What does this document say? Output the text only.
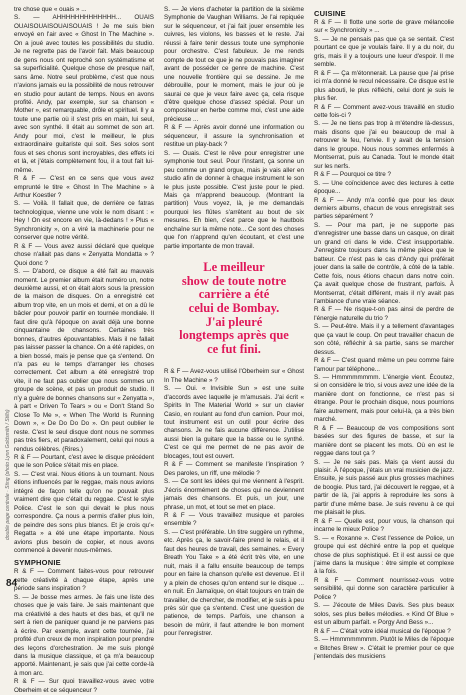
double page centrale · Sting (photo Lynn Goldsmith / Stills)

tre chose que « ouais » ...

S. — AHHHHHHHHHHHHH... OUAIS OUAISOUAISOUAISOUAIS ! Je me suis bien envoyé en l'air avec « Ghost In The Machine ». On a joué avec toutes les possibilités du studio. Je ne regrette pas de l'avoir fait. Mais beaucoup de gens nous ont reproché son systématisme et sa superficialité. Quelque chose de presque naïf, sans âme. Notre seul problème, c'est que nous n'avions jamais eu la possibilité de nous retrouver en studio pour autant de temps. Nous en avons profité. Andy, par exemple, sur sa chanson « Mother », est remarquable, drôle et spirituel. Il y a toute une partie où il s'est pris en main, lui seul, avec son synthé. Il était au sommet de son art. Andy pour moi, c'est le meilleur, le plus extraordinaire guitariste qui soit. Ses solos sont fous et ses chorus sont incroyables, des effets ici et là, et j'étais complètement fou, il a tout fait lui-même.

R & F — C'est en ce sens que vous avez emprunté le titre « Ghost In The Machine » à Arthur Koestler ?

S. — Voilà. Il fallait que, de derrière ce fatras technologique, vienne une voix le nom disant : « Hey ! On est encore en vie, là-dedans ! » Plus « Synchronicity », on a viré la machinerie pour ne conserver que notre vérité.

R & F — Vous avez aussi déclaré que quelque chose n'allait pas dans « Zenyatta Mondatta » ? Quoi donc ?

S. — D'abord, ce disque a été fait au mauvais moment. Le premier album était numéro un, notre deuxième aussi, et on était alors sous la pression de la maison de disques. On a enregistré cet album trop vite, en un mois et demi, et on a dû le bâcler pour pouvoir partir en tournée mondiale. Il faut dire qu'à l'époque on avait déjà une bonne cinquantaine de chansons. Certaines très bonnes, d'autres épouvantables. Mais il ne fallait pas laisser passer la chance. On a été rapides, on a bien bossé, mais je pense que ça s'entend. On n'a pas eu le temps d'arranger les choses correctement. Cet album a été enregistré trop vite, il ne faut pas oublier que nous sommes un groupe de scène, et pas un produit de studio. Il n'y a guère de bonnes chansons sur « Zenyatta », à part « Driven To Tears » ou « Don't Stand So Close To Me », « When The World Is Running Down », « De Do Do Do ». On peut oublier le reste. C'est le seul disque dont nous ne sommes pas très fiers, et paradoxalement, celui qui nous a rendus célèbres. (Rires.)

R & F — Pourtant, c'est avec le disque précédent que le son Police s'était mis en place.

S. — C'est vrai. Nous étions à un tournant. Nous étions influencés par le reggae, mais nous avions intégré de façon telle qu'on ne pouvait plus vraiment dire que c'était du reggae. C'est le style Police. C'est le son qui devait le plus nous correspondre. Ça nous a permis d'aller plus loin, de peindre des sons plus blancs. Et je crois qu'« Regatta » a été une étape importante. Nous avions plus besoin de copier, et nous avons commencé à devenir nous-mêmes.

SYMPHONIE

R & F — Comment faites-vous pour retrouver cette créativité à chaque étape, après une période sans inspiration ?

S. — Je bosse mes armes. Je fais une liste des choses que je vais faire. Je sais maintenant que ma créativité a des hauts et des bas, et qu'il ne sert à rien de paniquer quand je ne parviens pas à écrire. Par exemple, avant cette tournée, j'ai profité d'un creux de mon inspiration pour prendre des leçons d'orchestration. Je me suis plongé dans la musique classique, et ça m'a beaucoup apporté. Maintenant, je sais que j'ai cette corde-là à mon arc.

R & F — Sur quoi travaillez-vous avec votre Oberheim et ce séquenceur ?

S. — Je viens d'acheter la partition de la sixième Symphonie de Vaughan Williams. Je l'ai repiquée sur le séquenceur, et j'ai fait jouer ensemble les cuivres, les violons, les basses et le reste. J'ai réussi à faire tenir dessus toute une symphonie pour orchestre. C'est fabuleux. Je me rends compte de tout ce que je ne pouvais pas imaginer avant de posséder ce genre de machine. C'est une nouvelle frontière qui se dessine. Je me débrouille, pour le moment, mais le jour où je saurai ce que je veux faire avec ça, cela risque d'être quelque chose d'assez spécial. Pour un compositeur en herbe comme moi, c'est une aide précieuse ...

R & F — Après avoir donné une information ou séquenceur, il assure la synchronisation et restitue un play-back ?

S. — Ouais. C'est le rêve pour enregistrer une symphonie tout seul. Pour l'instant, ça sonne un peu comme un grand orgue, mais je vais aller en studio afin de donner à chaque instrument le son le plus juste possible. C'est juste pour le pied. Mais ça m'apprend beaucoup. (Montrant la partition) Vous voyez, là, je me demandais pourquoi les flûtes s'arrêtent au bout de six mesures. Eh bien, c'est parce que le hautbois enchaîne sur la même note... Ce sont des choses que l'on n'apprend qu'en écoutant, et c'est une partie importante de mon travail.

Le meilleur
show de toute notre
carrière a été
celui de Bombay.
J'ai pleuré
longtemps après que
ce fut fini.

R & F — Avez-vous utilisé l'Oberheim sur « Ghost In The Machine » ?

S. — Oui. « Invisible Sun » est une suite d'accords avec laquelle je m'amusais. J'ai écrit « Spirits In The Material World » sur un clavier Casio, en roulant au fond d'un camion. Pour moi, tout instrument est un outil pour écrire des chansons. Je ne fais aucune différence. J'utilise aussi bien la guitare que la basse ou le synthé. C'est ce qui me permet de ne pas avoir de blocages, tout est ouvert.

R & F — Comment se manifeste l'inspiration ? Des paroles, un riff, une mélodie ?

S. — Ce sont les idées qui me viennent à l'esprit. J'écris énormément de choses qui ne deviennent jamais des chansons. Et puis, un jour, une phrase, un mot, et tout se met en place.

R & F — Vous travaillez musique et paroles ensemble ?

S. — C'est préférable. Un titre suggère un rythme, etc. Après ça, le savoir-faire prend le relais, et il faut des heures de travail, des semaines. « Every Breath You Take » a été écrit très vite, en une nuit, mais il a fallu ensuite beaucoup de temps pour en faire la chanson qu'elle est devenue. Et il y a plein de choses qu'on entend sur le disque ... en nuit. En Jamaïque, on était toujours en train de travailler, de chercher, de modifier, et je suis à peu près sûr que ça s'entend. C'est une question de patience, de temps. Parfois, une chanson a besoin de mûrir, il faut attendre le bon moment pour l'enregistrer.

CUISINE

R & F — Il flotte une sorte de grave mélancolie sur « Synchronicity » ...

S. — Je ne pensais pas que ça se sentait. C'est pourtant ce que je voulais faire. Il y a du noir, du gris, mais il y a toujours une lueur d'espoir. Il me semble.

R & F — Ça m'étonnerait. La pause que j'ai prise ici m'a donné le recul nécessaire. Ce disque est le plus abouti, le plus réfléchi, celui dont je suis le plus fier.

R & F — Comment avez-vous travaillé en studio cette fois-ci ?

S. — Je ne tiens pas trop à m'étendre là-dessus, mais disons que j'ai eu beaucoup de mal à retrouver le feu, l'envie. Il y avait de la tension dans le groupe. Nous nous sommes enfermés à Montserrat, puis au Canada. Tout le monde était sur les nerfs.

R & F — Pourquoi ce titre ?

S. — Une coïncidence avec des lectures à cette époque...

R & F — Andy m'a confié que pour les deux derniers albums, chacun de vous enregistrait ses parties séparément ?

S. — Pour ma part, je ne supporte pas d'enregistrer une basse dans un casque, on dirait un grand cri dans le vide. C'est insupportable. J'enregistre toujours dans la même pièce que le batteur. Ce n'est pas le cas d'Andy qui préférait jouer dans la salle de contrôle, à côté de la table. Cette fois, nous étions chacun dans notre coin. Ça avait quelque chose de frustrant, parfois. À Montserrat, c'était différent, mais il n'y avait pas l'ambiance d'une vraie séance.

R & F — Ne risque-t-on pas ainsi de perdre de l'énergie naturelle du trio ?

S. — Peut-être. Mais il y a tellement d'avantages que ça vaut le coup. On peut travailler chacun de son côté, réfléchir à sa partie, sans se marcher dessus.

R & F — C'est quand même un peu comme faire l'amour par téléphone...

S. — Hmmmmmmmm. L'énergie vient. Écoutez, si on considère le trio, si vous avez une idée de la manière dont on fonctionne, ce n'est pas si étrange. Pour le prochain disque, nous pourrions faire autrement, mais pour celui-là, ça a très bien marché.

R & F — Beaucoup de vos compositions sont basées sur des figures de basse, et sur la manière dont se placent les mots. Où en est le reggae dans tout ça ?

S. — Je ne sais pas. Mais ça vient aussi du plaisir. À l'époque, j'étais un vrai musicien de jazz. Ensuite, je suis passé aux plus grosses machines de boogie. Plus tard, j'ai découvert le reggae, et à partir de là, j'ai appris à reproduire les sons à partir d'une même base. Je suis revenu à ce qui me plaisait le plus.

R & F — Quelle est, pour vous, la chanson qui incarne le mieux Police ?

S. — « Roxanne ». C'est l'essence de Police, un groupe qui est déchiré entre la pop et quelque chose de plus sophistiqué. Et il est aussi ce que j'aime dans la musique : être simple et complexe à la fois.

R & F — Comment nourrissez-vous votre sensibilité, qui donne son caractère particulier à Police ?

S. — J'écoute de Miles Davis. Ses plus beaux solos, ses plus belles mélodies. « Kind Of Blue » est un album parfait. « Porgy And Bess »...

R & F — C'était votre idéal musical de l'époque ?

S. — Hmmmmmmmm. Plutôt le Miles de l'époque « Bitches Brew ». C'était le premier pour ce que j'entendais des musiciens

84
